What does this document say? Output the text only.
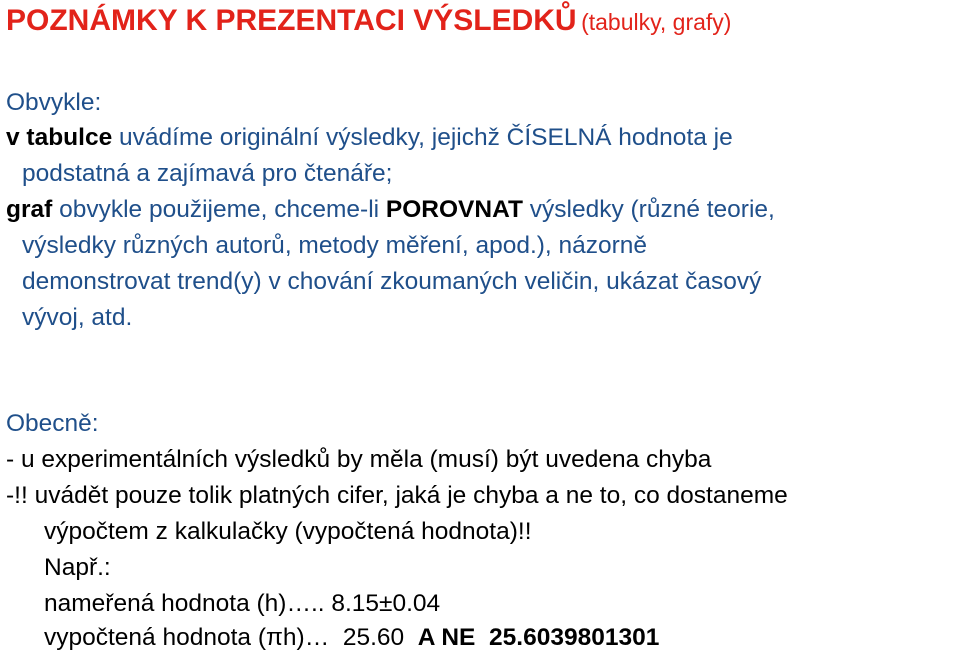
POZNÁMKY K PREZENTACI VÝSLEDKŮ (tabulky, grafy)
Obvykle:
v tabulce uvádíme originální výsledky, jejichž ČÍSELNÁ hodnota je
podstatná a zajímavá pro čtenáře;
graf obvykle použijeme, chceme-li POROVNAT výsledky (různé teorie,
výsledky různých autorů, metody měření, apod.), názorně
demonstrovat trend(y) v chování zkoumaných veličin, ukázat časový
vývoj, atd.
Obecně:
- u experimentálních výsledků by měla (musí) být uvedena chyba
-!! uvádět pouze tolik platných cifer, jaká je chyba a ne to, co dostaneme
výpočtem z kalkulačky (vypočtená hodnota)!!
Např.:
nameřená hodnota (h)….. 8.15±0.04
vypočtená hodnota (πh)…  25.60  A NE 25.6039801301
